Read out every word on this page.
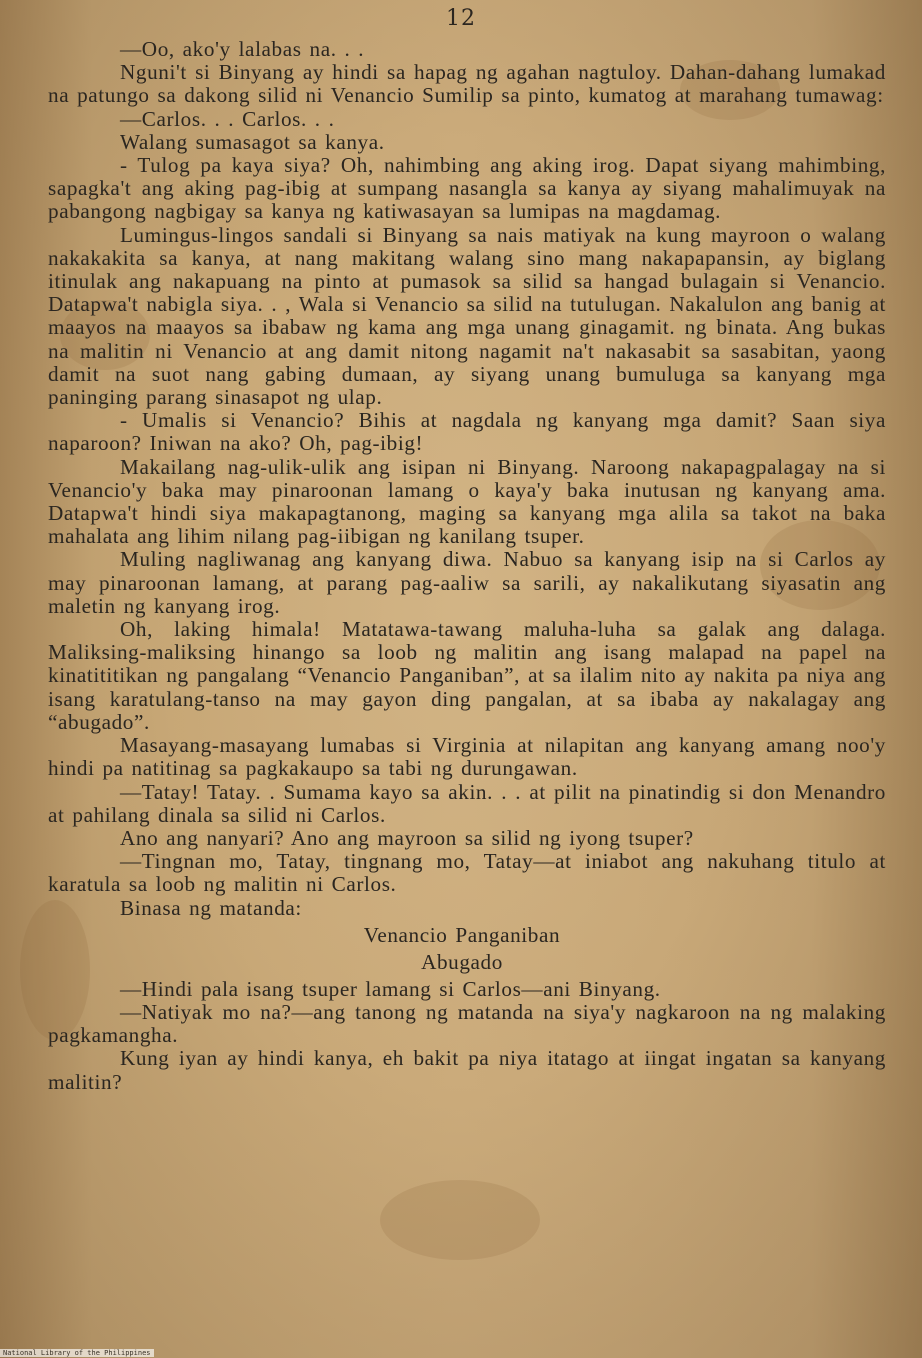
12

—Oo, ako'y lalabas na. . .

Nguni't si Binyang ay hindi sa hapag ng agahan nagtuloy. Dahan-dahang lumakad na patungo sa dakong silid ni Venancio Sumilip sa pinto, kumatog at marahang tumawag:

—Carlos. . . Carlos. . .

Walang sumasagot sa kanya.

- Tulog pa kaya siya? Oh, nahimbing ang aking irog. Dapat siyang mahimbing, sapagka't ang aking pag-ibig at sumpang nasangla sa kanya ay siyang mahalimuyak na pabangong nagbigay sa kanya ng katiwasayan sa lumipas na magdamag.

Lumingus-lingos sandali si Binyang sa nais matiyak na kung mayroon o walang nakakakita sa kanya, at nang makitang walang sino mang nakapapansin, ay biglang itinulak ang nakapuang na pinto at pumasok sa silid sa hangad bulagain si Venancio. Datapwa't nabigla siya. . , Wala si Venancio sa silid na tutulugan. Nakalulon ang banig at maayos na maayos sa ibabaw ng kama ang mga unang ginagamit. ng binata. Ang bukas na malitin ni Venancio at ang damit nitong nagamit na't nakasabit sa sasabitan, yaong damit na suot nang gabing dumaan, ay siyang unang bumuluga sa kanyang mga paninging parang sinasapot ng ulap.

- Umalis si Venancio? Bihis at nagdala ng kanyang mga damit? Saan siya naparoon? Iniwan na ako? Oh, pag-ibig!

Makailang nag-ulik-ulik ang isipan ni Binyang. Naroong nakapagpalagay na si Venancio'y baka may pinaroonan lamang o kaya'y baka inutusan ng kanyang ama. Datapwa't hindi siya makapagtanong, maging sa kanyang mga alila sa takot na baka mahalata ang lihim nilang pag-iibigan ng kanilang tsuper.

Muling nagliwanag ang kanyang diwa. Nabuo sa kanyang isip na si Carlos ay may pinaroonan lamang, at parang pag-aaliw sa sarili, ay nakalikutang siyasatin ang maletin ng kanyang irog.

Oh, laking himala! Matatawa-tawang maluha-luha sa galak ang dalaga. Maliksing-maliksing hinango sa loob ng malitin ang isang malapad na papel na kinatititikan ng pangalang “Venancio Panganiban”, at sa ilalim nito ay nakita pa niya ang isang karatulang-tanso na may gayon ding pangalan, at sa ibaba ay nakalagay ang “abugado”.

Masayang-masayang lumabas si Virginia at nilapitan ang kanyang amang noo'y hindi pa natitinag sa pagkakaupo sa tabi ng durungawan.

—Tatay! Tatay. . Sumama kayo sa akin. . . at pilit na pinatindig si don Menandro at pahilang dinala sa silid ni Carlos.

Ano ang nanyari? Ano ang mayroon sa silid ng iyong tsuper?

—Tingnan mo, Tatay, tingnang mo, Tatay—at iniabot ang nakuhang titulo at karatula sa loob ng malitin ni Carlos.

Binasa ng matanda:

Venancio Panganiban

Abugado

—Hindi pala isang tsuper lamang si Carlos—ani Binyang.

—Natiyak mo na?—ang tanong ng matanda na siya'y nagkaroon na ng malaking pagkamangha.

Kung iyan ay hindi kanya, eh bakit pa niya itatago at iingat ingatan sa kanyang malitin?

National Library of the Philippines
